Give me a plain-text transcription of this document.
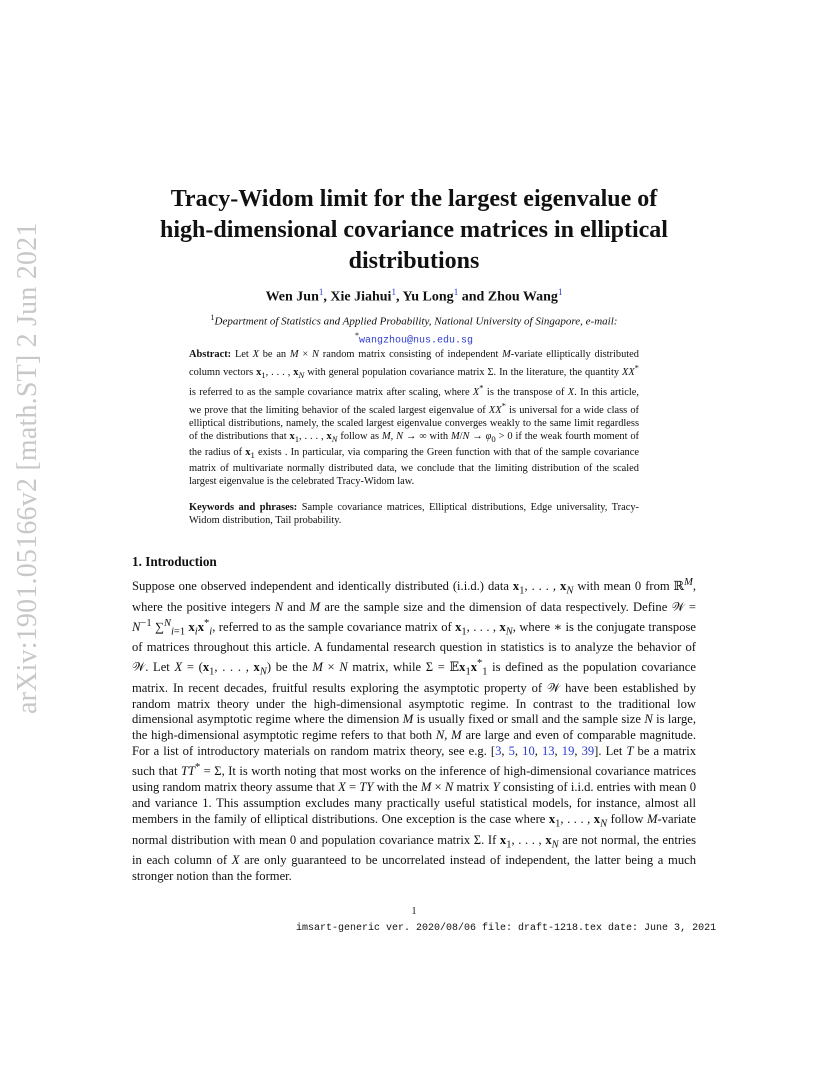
arXiv:1901.05166v2 [math.ST] 2 Jun 2021
Tracy-Widom limit for the largest eigenvalue of
high-dimensional covariance matrices in elliptical
distributions
Wen Jun$^1$, Xie Jiahui$^1$, Yu Long$^1$ and Zhou Wang$^1$
$^1$Department of Statistics and Applied Probability, National University of Singapore, e-mail:
*wangzhou@nus.edu.sg
Abstract: Let X be an M × N random matrix consisting of independent M-variate elliptically distributed column vectors $x_1$, . . . , $x_N$ with general population covariance matrix Σ. In the literature, the quantity XX* is referred to as the sample covariance matrix after scaling, where X* is the transpose of X. In this article, we prove that the limiting behavior of the scaled largest eigenvalue of XX* is universal for a wide class of elliptical distributions, namely, the scaled largest eigenvalue converges weakly to the same limit regardless of the distributions that $x_1$, . . . , $x_N$ follow as M, N → ∞ with $M/N \to \varphi_0 > 0$ if the weak fourth moment of the radius of $x_1$ exists . In particular, via comparing the Green function with that of the sample covariance matrix of multivariate normally distributed data, we conclude that the limiting distribution of the scaled largest eigenvalue is the celebrated Tracy-Widom law.
Keywords and phrases: Sample covariance matrices, Elliptical distributions, Edge universality, Tracy-Widom distribution, Tail probability.
1. Introduction
Suppose one observed independent and identically distributed (i.i.d.) data $x_1$, . . . , $x_N$ with mean 0 from ℝ$^M$, where the positive integers N and M are the sample size and the dimension of data respectively. Define 𝒲 = $N^{-1}$ ∑$^N_{i=1}$ $x_ix^*_i$, referred to as the sample covariance matrix of $x_1$, . . . , $x_N$, where ∗ is the conjugate transpose of matrices throughout this article. A fundamental research question in statistics is to analyze the behavior of 𝒲. Let $X = (x_1$, . . . , $x_N$) be the M × N matrix, while $\Sigma = 𝔼x_1x^*_1$ is defined as the population covariance matrix. In recent decades, fruitful results exploring the asymptotic property of 𝒲 have been established by random matrix theory under the high-dimensional asymptotic regime. In contrast to the traditional low dimensional asymptotic regime where the dimension M is usually fixed or small and the sample size N is large, the high-dimensional asymptotic regime refers to that both N, M are large and even of comparable magnitude. For a list of introductory materials on random matrix theory, see e.g. [3, 5, 10, 13, 19, 39]. Let T be a matrix such that TT* = Σ, It is worth noting that most works on the inference of high-dimensional covariance matrices using random matrix theory assume that X = TY with the M × N matrix Y consisting of i.i.d. entries with mean 0 and variance 1. This assumption excludes many practically useful statistical models, for instance, almost all members in the family of elliptical distributions. One exception is the case where $x_1$, . . . , $x_N$ follow M-variate normal distribution with mean 0 and population covariance matrix Σ. If $x_1$, . . . , $x_N$ are not normal, the entries in each column of X are only guaranteed to be uncorrelated instead of independent, the latter being a much stronger notion than the former.
1
imsart-generic ver. 2020/08/06 file: draft-1218.tex date: June 3, 2021
